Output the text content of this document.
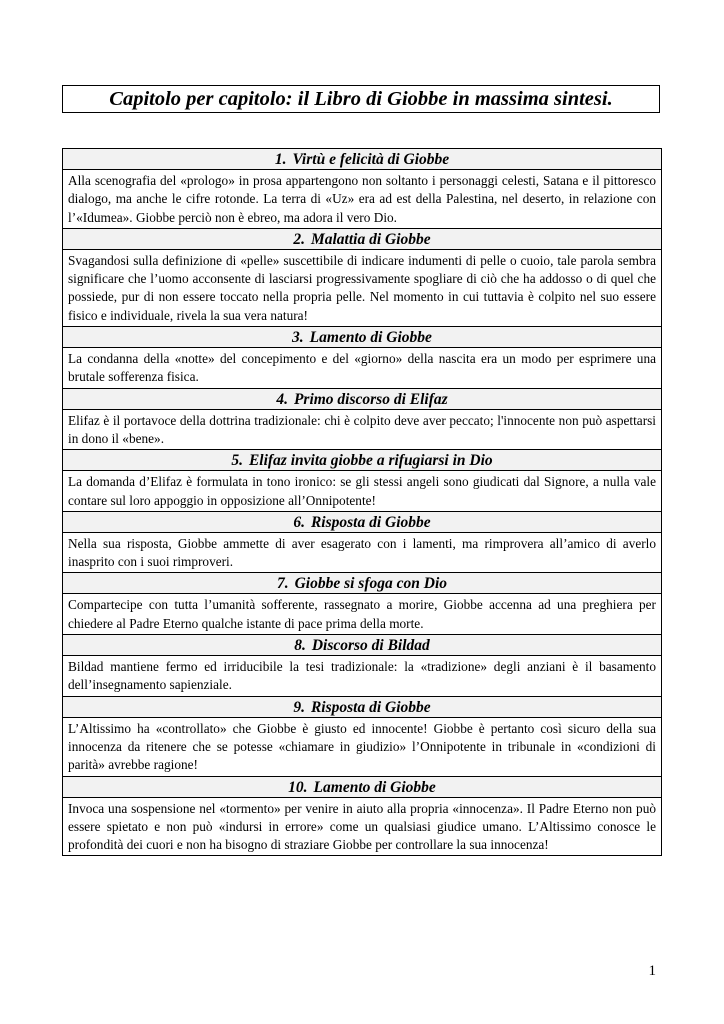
Capitolo per capitolo: il Libro di Giobbe in massima sintesi.
1. Virtù e felicità di Giobbe
Alla scenografia del «prologo» in prosa appartengono non soltanto i personaggi celesti, Satana e il pittoresco dialogo, ma anche le cifre rotonde. La terra di «Uz» era ad est della Palestina, nel deserto, in relazione con l’«Idumea». Giobbe perciò non è ebreo, ma adora il vero Dio.
2. Malattia di Giobbe
Svagandosi sulla definizione di «pelle» suscettibile di indicare indumenti di pelle o cuoio, tale parola sembra significare che l’uomo acconsente di lasciarsi progressivamente spogliare di ciò che ha addosso o di quel che possiede, pur di non essere toccato nella propria pelle. Nel momento in cui tuttavia è colpito nel suo essere fisico e individuale, rivela la sua vera natura!
3. Lamento di Giobbe
La condanna della «notte» del concepimento e del «giorno» della nascita era un modo per esprimere una brutale sofferenza fisica.
4. Primo discorso di Elifaz
Elifaz è il portavoce della dottrina tradizionale: chi è colpito deve aver peccato; l'innocente non può aspettarsi in dono il «bene».
5. Elifaz invita giobbe a rifugiarsi in Dio
La domanda d’Elifaz è formulata in tono ironico: se gli stessi angeli sono giudicati dal Signore, a nulla vale contare sul loro appoggio in opposizione all’Onnipotente!
6. Risposta di Giobbe
Nella sua risposta, Giobbe ammette di aver esagerato con i lamenti, ma rimprovera all’amico di averlo inasprito con i suoi rimproveri.
7. Giobbe si sfoga con Dio
Compartecipe con tutta l’umanità sofferente, rassegnato a morire, Giobbe accenna ad una preghiera per chiedere al Padre Eterno qualche istante di pace prima della morte.
8. Discorso di Bildad
Bildad mantiene fermo ed irriducibile la tesi tradizionale: la «tradizione» degli anziani è il basamento dell’insegnamento sapienziale.
9. Risposta di Giobbe
L’Altissimo ha «controllato» che Giobbe è giusto ed innocente! Giobbe è pertanto così sicuro della sua innocenza da ritenere che se potesse «chiamare in giudizio» l’Onnipotente in tribunale in «condizioni di parità» avrebbe ragione!
10. Lamento di Giobbe
Invoca una sospensione nel «tormento» per venire in aiuto alla propria «innocenza». Il Padre Eterno non può essere spietato e non può «indursi in errore» come un qualsiasi giudice umano. L’Altissimo conosce le profondità dei cuori e non ha bisogno di straziare Giobbe per controllare la sua innocenza!
1
